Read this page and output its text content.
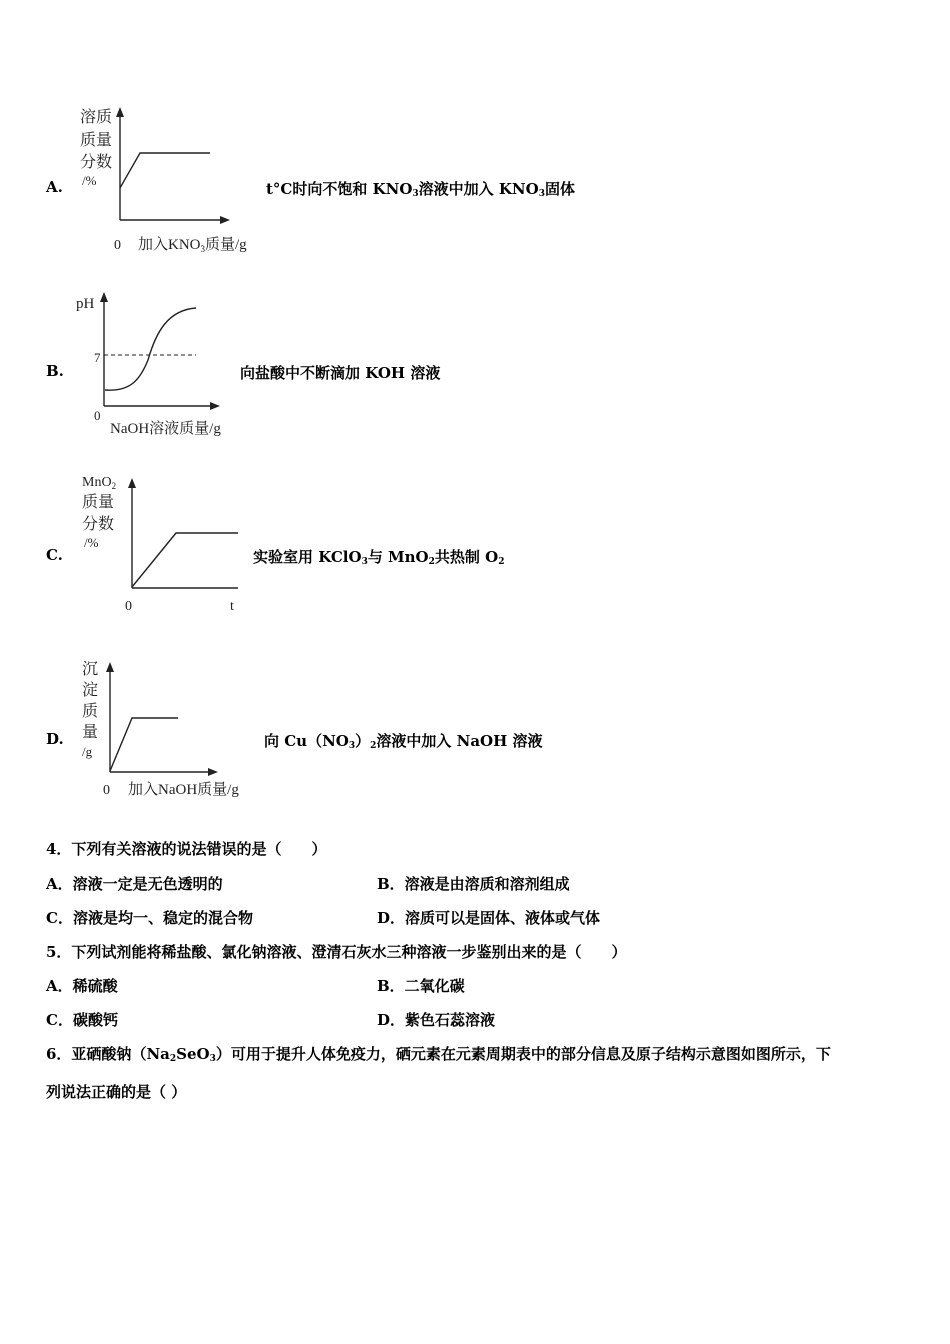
A.
溶质
质量
分数
/%
0 加入$KNO_3$质量/g
t°C时向不饱和 $KNO_3$溶液中加入 $KNO_3$固体
B.
pH
7
0
NaOH溶液质量/g
向盐酸中不断滴加 KOH 溶液
C.
MnO$_2$
质量
分数
/%
0	t
实验室用 KClO$_3$与 MnO$_2$共热制 $O_2$
D.
沉
淀
质
量
/g
0 加入NaOH质量/g
向 $Cu(NO_3)_2$溶液中加入 NaOH 溶液
4．下列有关溶液的说法错误的是（　　）
A．溶液一定是无色透明的	B．溶液是由溶质和溶剂组成
C．溶液是均一、稳定的混合物	D．溶质可以是固体、液体或气体
5．下列试剂能将稀盐酸、氯化钠溶液、澄清石灰水三种溶液一步鉴别出来的是（　　）
A．稀硫酸	B．二氧化碳
C．碳酸钙	D．紫色石蕊溶液
6．亚硒酸钠$(Na_2SeO_3)$可用于提升人体免疫力，硒元素在元素周期表中的部分信息及原子结构示意图如图所示，下
列说法正确的是（ ）
